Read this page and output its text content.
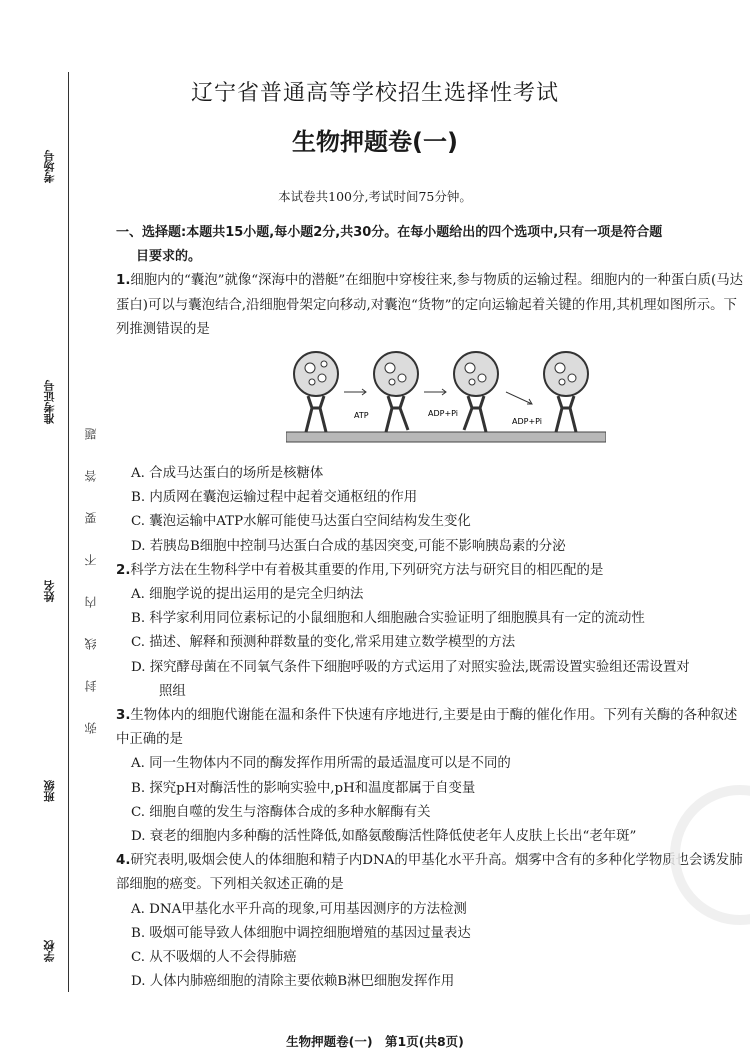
考场号
准考证号
姓名
班级
学校
弥封线内不要答题
辽宁省普通高等学校招生选择性考试
生物押题卷(一)
本试卷共100分,考试时间75分钟。
一、选择题:本题共15小题,每小题2分,共30分。在每小题给出的四个选项中,只有一项是符合题
目要求的。
1.细胞内的“囊泡”就像“深海中的潜艇”在细胞中穿梭往来,参与物质的运输过程。细胞内的一种蛋白质(马达蛋白)可以与囊泡结合,沿细胞骨架定向移动,对囊泡“货物”的定向运输起着关键的作用,其机理如图所示。下列推测错误的是
ATP	ADP+Pi
ADP+Pi
A. 合成马达蛋白的场所是核糖体
B. 内质网在囊泡运输过程中起着交通枢纽的作用
C. 囊泡运输中ATP水解可能使马达蛋白空间结构发生变化
D. 若胰岛B细胞中控制马达蛋白合成的基因突变,可能不影响胰岛素的分泌
2.科学方法在生物科学中有着极其重要的作用,下列研究方法与研究目的相匹配的是
A. 细胞学说的提出运用的是完全归纳法
B. 科学家利用同位素标记的小鼠细胞和人细胞融合实验证明了细胞膜具有一定的流动性
C. 描述、解释和预测种群数量的变化,常采用建立数学模型的方法
D. 探究酵母菌在不同氧气条件下细胞呼吸的方式运用了对照实验法,既需设置实验组还需设置对
照组
3.生物体内的细胞代谢能在温和条件下快速有序地进行,主要是由于酶的催化作用。下列有关酶的各种叙述中正确的是
A. 同一生物体内不同的酶发挥作用所需的最适温度可以是不同的
B. 探究pH对酶活性的影响实验中,pH和温度都属于自变量
C. 细胞自噬的发生与溶酶体合成的多种水解酶有关
D. 衰老的细胞内多种酶的活性降低,如酪氨酸酶活性降低使老年人皮肤上长出“老年斑”
4.研究表明,吸烟会使人的体细胞和精子内DNA的甲基化水平升高。烟雾中含有的多种化学物质也会诱发肺部细胞的癌变。下列相关叙述正确的是
A. DNA甲基化水平升高的现象,可用基因测序的方法检测
B. 吸烟可能导致人体细胞中调控细胞增殖的基因过量表达
C. 从不吸烟的人不会得肺癌
D. 人体内肺癌细胞的清除主要依赖B淋巴细胞发挥作用
生物押题卷(一)　第1页(共8页)
